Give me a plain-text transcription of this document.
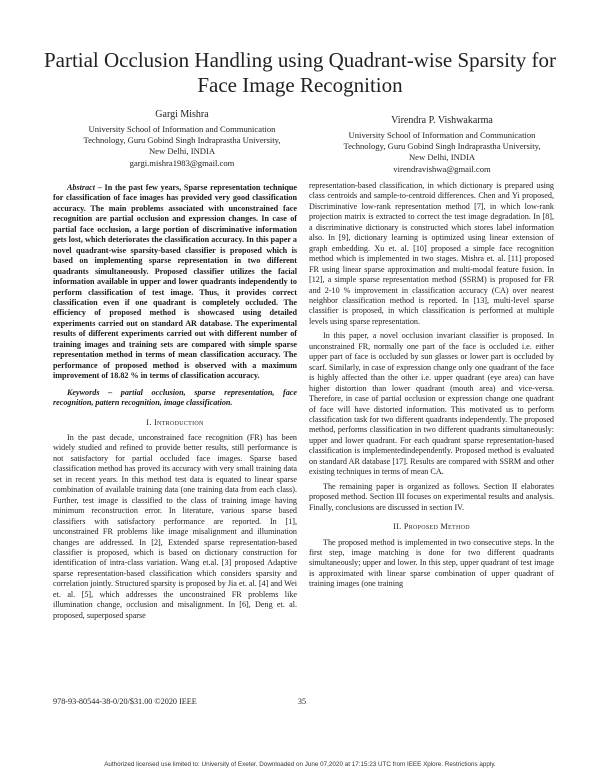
Partial Occlusion Handling using Quadrant-wise Sparsity for Face Image Recognition
Gargi Mishra
University School of Information and Communication
Technology, Guru Gobind Singh Indraprastha University,
New Delhi, INDIA
gargi.mishra1983@gmail.com
Virendra P. Vishwakarma
University School of Information and Communication
Technology, Guru Gobind Singh Indraprastha University,
New Delhi, INDIA
virendravishwa@gmail.com

Abstract – In the past few years, Sparse representation technique for classification of face images has provided very good classification accuracy. The main problems associated with unconstrained face recognition are partial occlusion and expression changes. In case of partial face occlusion, a large portion of discriminative information gets lost, which deteriorates the classification accuracy. In this paper a novel quadrant-wise sparsity-based classifier is proposed which is based on implementing sparse representation in two different quadrants simultaneously. Proposed classifier utilizes the facial information available in upper and lower quadrants independently to perform classification of test image. Thus, it provides correct classification even if one quadrant is completely occluded. The efficiency of proposed method is showcased using detailed experiments carried out on standard AR database. The experimental results of different experiments carried out with different number of training images and training sets are compared with simple sparse representation method in terms of mean classification accuracy. The performance of proposed method is observed with a maximum improvement of 18.82 % in terms of classification accuracy.

Keywords – partial occlusion, sparse representation, face recognition, pattern recognition, image classification.

I. Introduction

In the past decade, unconstrained face recognition (FR) has been widely studied and refined to provide better results, still performance is not satisfactory for partial occluded face images. Sparse based classification method has proved its accuracy with very small training data set in recent years. In this method test data is equated to linear sparse combination of available training data (one training data from each class). Further, test image is classified to the class of training image having minimum reconstruction error. In literature, various sparse based classifiers with satisfactory performance are reported. In [1], unconstrained FR problems like image misalignment and illumination changes are addressed. In [2], Extended sparse representation-based classifier is proposed, which is based on dictionary construction for identification of intra-class variation. Wang et.al. [3] proposed Adaptive sparse representation-based classification which considers sparsity and correlation jointly. Structured sparsity is proposed by Jia et. al. [4] and Wei et. al. [5], which addresses the unconstrained FR problems like illumination change, occlusion and misalignment. In [6], Deng et. al. proposed, superposed sparse

representation-based classification, in which dictionary is prepared using class centroids and sample-to-centroid differences. Chen and Yi proposed, Discriminative low-rank representation method [7], in which low-rank projection matrix is extracted to correct the test image degradation. In [8], a discriminative dictionary is constructed which stores label information also. In [9], dictionary learning is optimized using linear extension of graph embedding. Xu et. al. [10] proposed a simple face recognition method which is implemented in two stages. Mishra et. al. [11] proposed FR using linear sparse approximation and multi-modal feature fusion. In [12], a simple sparse representation method (SSRM) is proposed for FR and 2-10 % improvement in classification accuracy (CA) over nearest neighbor classification method is reported. In [13], multi-level sparse classifier is proposed, in which classification is performed at multiple levels using sparse representation.

In this paper, a novel occlusion invariant classifier is proposed. In unconstrained FR, normally one part of the face is occluded i.e. either upper part of face is occluded by sun glasses or lower part is occluded by scarf. Similarly, in case of expression change only one quadrant of the face is highly affected than the other i.e. upper quadrant (eye area) can have higher distortion than lower quadrant (mouth area) and vice-versa. Therefore, in case of partial occlusion or expression change one quadrant of face will have distorted information. This motivated us to perform classification task for two different quadrants independently. The proposed method, performs classification in two different quadrants simultaneously: upper and lower quadrant. For each quadrant sparse representation-based classification is implementedindependently. Proposed method is evaluated on standard AR database [17]. Results are compared with SSRM and other existing techniques in terms of mean CA.

The remaining paper is organized as follows. Section II elaborates proposed method. Section III focuses on experimental results and analysis. Finally, conclusions are discussed in section IV.

II. Proposed Method

The proposed method is implemented in two consecutive steps. In the first step, image matching is done for two different quadrants simultaneously; upper and lower. In this step, upper quadrant of test image is approximated with linear sparse combination of upper quadrant of training images (one training

978-93-80544-38-0/20/$31.00 ©2020 IEEE	35
Authorized licensed use limited to: University of Exeter. Downloaded on June 07,2020 at 17:15:23 UTC from IEEE Xplore. Restrictions apply.
